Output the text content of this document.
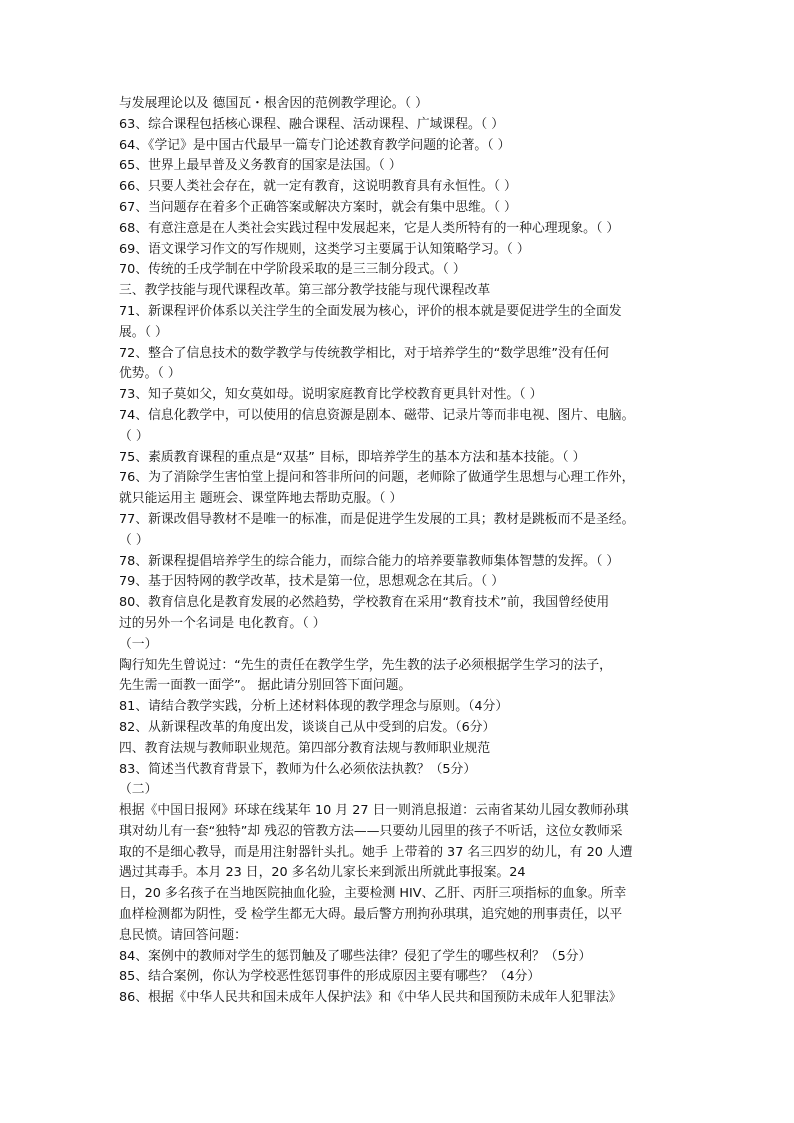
与发展理论以及 德国瓦・根舍因的范例教学理论。（ ）
63、综合课程包括核心课程、融合课程、活动课程、广域课程。（ ）
64、《学记》是中国古代最早一篇专门论述教育教学问题的论著。（ ）
65、世界上最早普及义务教育的国家是法国。（ ）
66、只要人类社会存在，就一定有教育，这说明教育具有永恒性。（ ）
67、当问题存在着多个正确答案或解决方案时，就会有集中思维。（ ）
68、有意注意是在人类社会实践过程中发展起来，它是人类所特有的一种心理现象。（ ）
69、语文课学习作文的写作规则，这类学习主要属于认知策略学习。（ ）
70、传统的壬戌学制在中学阶段采取的是三三制分段式。（ ）
三、教学技能与现代课程改革。第三部分教学技能与现代课程改革
71、新课程评价体系以关注学生的全面发展为核心，评价的根本就是要促进学生的全面发
展。（ ）
72、整合了信息技术的数学教学与传统教学相比，对于培养学生的“数学思维”没有任何
优势。（ ）
73、知子莫如父，知女莫如母。说明家庭教育比学校教育更具针对性。（ ）
74、信息化教学中，可以使用的信息资源是剧本、磁带、记录片等而非电视、图片、电脑。
（ ）
75、素质教育课程的重点是“双基” 目标，即培养学生的基本方法和基本技能。（ ）
76、为了消除学生害怕堂上提问和答非所问的问题，老师除了做通学生思想与心理工作外，
就只能运用主 题班会、课堂阵地去帮助克服。（ ）
77、新课改倡导教材不是唯一的标准，而是促进学生发展的工具；教材是跳板而不是圣经。
（ ）
78、新课程提倡培养学生的综合能力，而综合能力的培养要靠教师集体智慧的发挥。（ ）
79、基于因特网的教学改革，技术是第一位，思想观念在其后。（ ）
80、教育信息化是教育发展的必然趋势，学校教育在采用“教育技术”前，我国曾经使用
过的另外一个名词是 电化教育。（ ）
（一）
陶行知先生曾说过：“先生的责任在教学生学，先生教的法子必须根据学生学习的法子，
先生需一面教一面学”。 据此请分别回答下面问题。
81、请结合教学实践，分析上述材料体现的教学理念与原则。（4分）
82、从新课程改革的角度出发，谈谈自己从中受到的启发。（6分）
四、教育法规与教师职业规范。第四部分教育法规与教师职业规范
83、简述当代教育背景下，教师为什么必须依法执教？（5分）
（二）
根据《中国日报网》环球在线某年 10 月 27 日一则消息报道：云南省某幼儿园女教师孙琪
琪对幼儿有一套“独特”却 残忍的管教方法——只要幼儿园里的孩子不听话，这位女教师采
取的不是细心教导，而是用注射器针头扎。她手 上带着的 37 名三四岁的幼儿，有 20 人遭
遇过其毒手。本月 23 日，20 多名幼儿家长来到派出所就此事报案。24
日，20 多名孩子在当地医院抽血化验，主要检测 HIV、乙肝、丙肝三项指标的血象。所幸
血样检测都为阴性，受 检学生都无大碍。最后警方刑拘孙琪琪，追究她的刑事责任，以平
息民愤。请回答问题：
84、案例中的教师对学生的惩罚触及了哪些法律？侵犯了学生的哪些权利？（5分）
85、结合案例，你认为学校恶性惩罚事件的形成原因主要有哪些？（4分）
86、根据《中华人民共和国未成年人保护法》和《中华人民共和国预防未成年人犯罪法》
